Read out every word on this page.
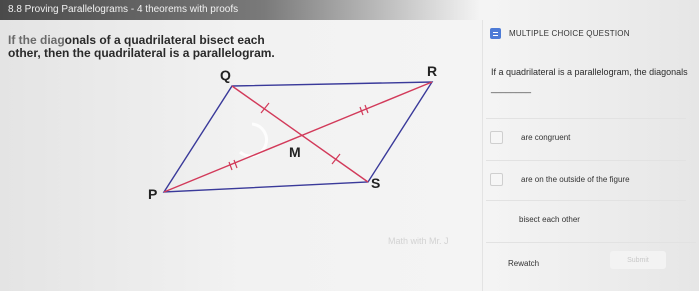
8.8 Proving Parallelograms - 4 theorems with proofs
If the diagonals of a quadrilateral bisect each
other, then the quadrilateral is a parallelogram.
Q	R
S
P
M
Math with Mr. J
MULTIPLE CHOICE QUESTION
If a quadrilateral is a parallelogram, the diagonals ________
are congruent
are on the outside of the figure
bisect each other
Rewatch	Submit
